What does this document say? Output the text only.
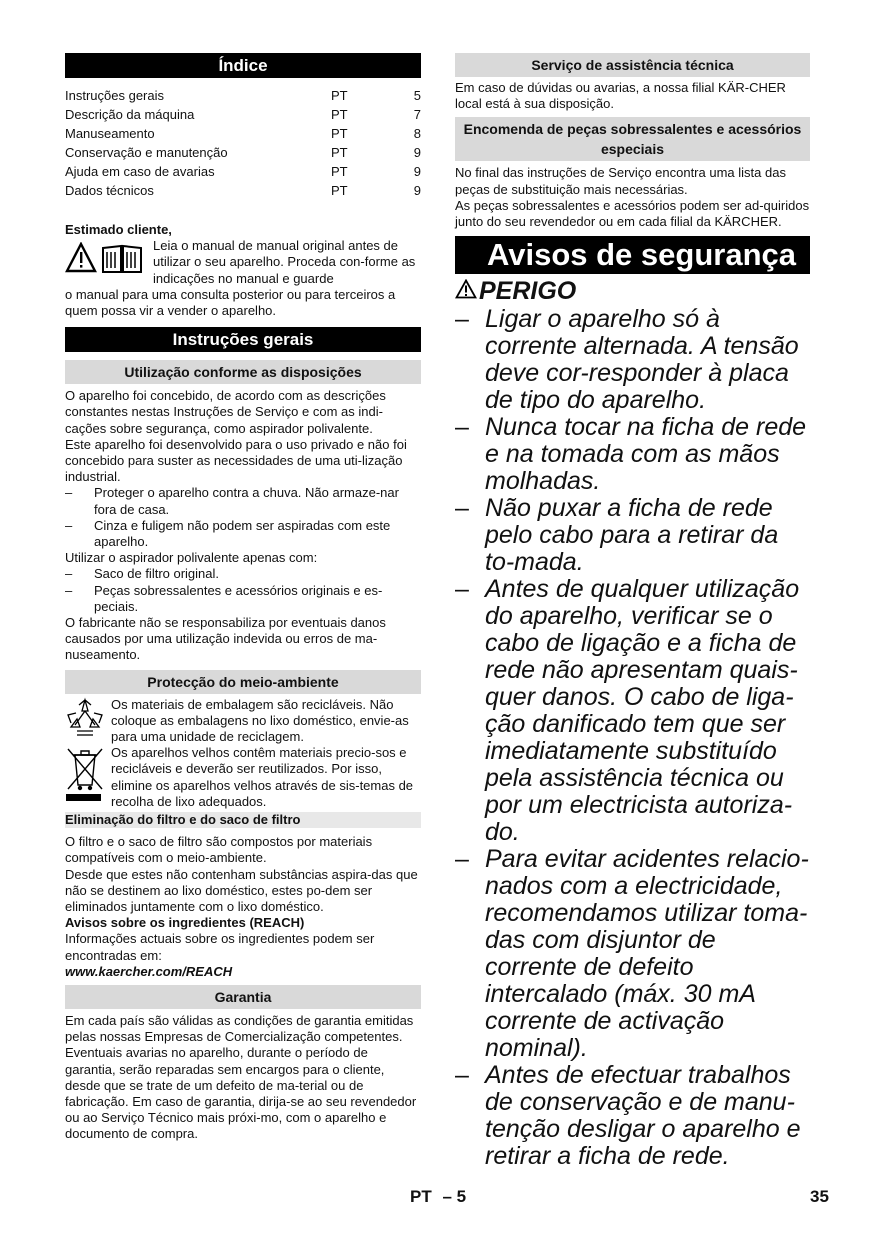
Índice
Instruções gerais	PT	5
Descrição da máquina	PT	7
Manuseamento	PT	8
Conservação e manutenção	PT	9
Ajuda em caso de avarias	PT	9
Dados técnicos	PT	9
Estimado cliente,
Leia o manual de manual original antes de utilizar o seu aparelho. Proceda con-forme as indicações no manual e guarde
o manual para uma consulta posterior ou para terceiros a quem possa vir a vender o aparelho.
Instruções gerais
Utilização conforme as disposições

O aparelho foi concebido, de acordo com as descrições constantes nestas Instruções de Serviço e com as indi-cações sobre segurança, como aspirador polivalente.

Este aparelho foi desenvolvido para o uso privado e não foi concebido para suster as necessidades de uma uti-lização industrial.

–	Proteger o aparelho contra a chuva. Não armaze-nar fora de casa.
–	Cinza e fuligem não podem ser aspiradas com este aparelho.

Utilizar o aspirador polivalente apenas com:

–	Saco de filtro original.
–	Peças sobressalentes e acessórios originais e es-peciais.

O fabricante não se responsabiliza por eventuais danos causados por uma utilização indevida ou erros de ma-nuseamento.

Protecção do meio-ambiente
Os materiais de embalagem são recicláveis. Não coloque as embalagens no lixo doméstico, envie-as para uma unidade de reciclagem.
Os aparelhos velhos contêm materiais precio-sos e recicláveis e deverão ser reutilizados. Por isso, elimine os aparelhos velhos através de sis-temas de recolha de lixo adequados.
Eliminação do filtro e do saco de filtro

O filtro e o saco de filtro são compostos por materiais compatíveis com o meio-ambiente.

Desde que estes não contenham substâncias aspira-das que não se destinem ao lixo doméstico, estes po-dem ser eliminados juntamente com o lixo doméstico.

Avisos sobre os ingredientes (REACH)

Informações actuais sobre os ingredientes podem ser encontradas em:

www.kaercher.com/REACH

Garantia

Em cada país são válidas as condições de garantia emitidas pelas nossas Empresas de Comercialização competentes. Eventuais avarias no aparelho, durante o período de garantia, serão reparadas sem encargos para o cliente, desde que se trate de um defeito de ma-terial ou de fabricação. Em caso de garantia, dirija-se ao seu revendedor ou ao Serviço Técnico mais próxi-mo, com o aparelho e documento de compra.

Serviço de assistência técnica

Em caso de dúvidas ou avarias, a nossa filial KÄR-CHER local está à sua disposição.

Encomenda de peças sobressalentes e acessórios especiais

No final das instruções de Serviço encontra uma lista das peças de substituição mais necessárias.

As peças sobressalentes e acessórios podem ser ad-quiridos junto do seu revendedor ou em cada filial da KÄRCHER.

Avisos de segurança
PERIGO
– Ligar o aparelho só à corrente alternada. A tensão deve cor-responder à placa de tipo do aparelho.
– Nunca tocar na ficha de rede e na tomada com as mãos molhadas.
– Não puxar a ficha de rede pelo cabo para a retirar da to-mada.
– Antes de qualquer utilização do aparelho, verificar se o cabo de ligação e a ficha de rede não apresentam quais-quer danos. O cabo de liga-ção danificado tem que ser imediatamente substituído pela assistência técnica ou por um electricista autoriza-do.
– Para evitar acidentes relacio-nados com a electricidade, recomendamos utilizar toma-das com disjuntor de corrente de defeito intercalado (máx. 30 mA corrente de activação nominal).
– Antes de efectuar trabalhos de conservação e de manu-tenção desligar o aparelho e retirar a ficha de rede.
PT – 5	35
